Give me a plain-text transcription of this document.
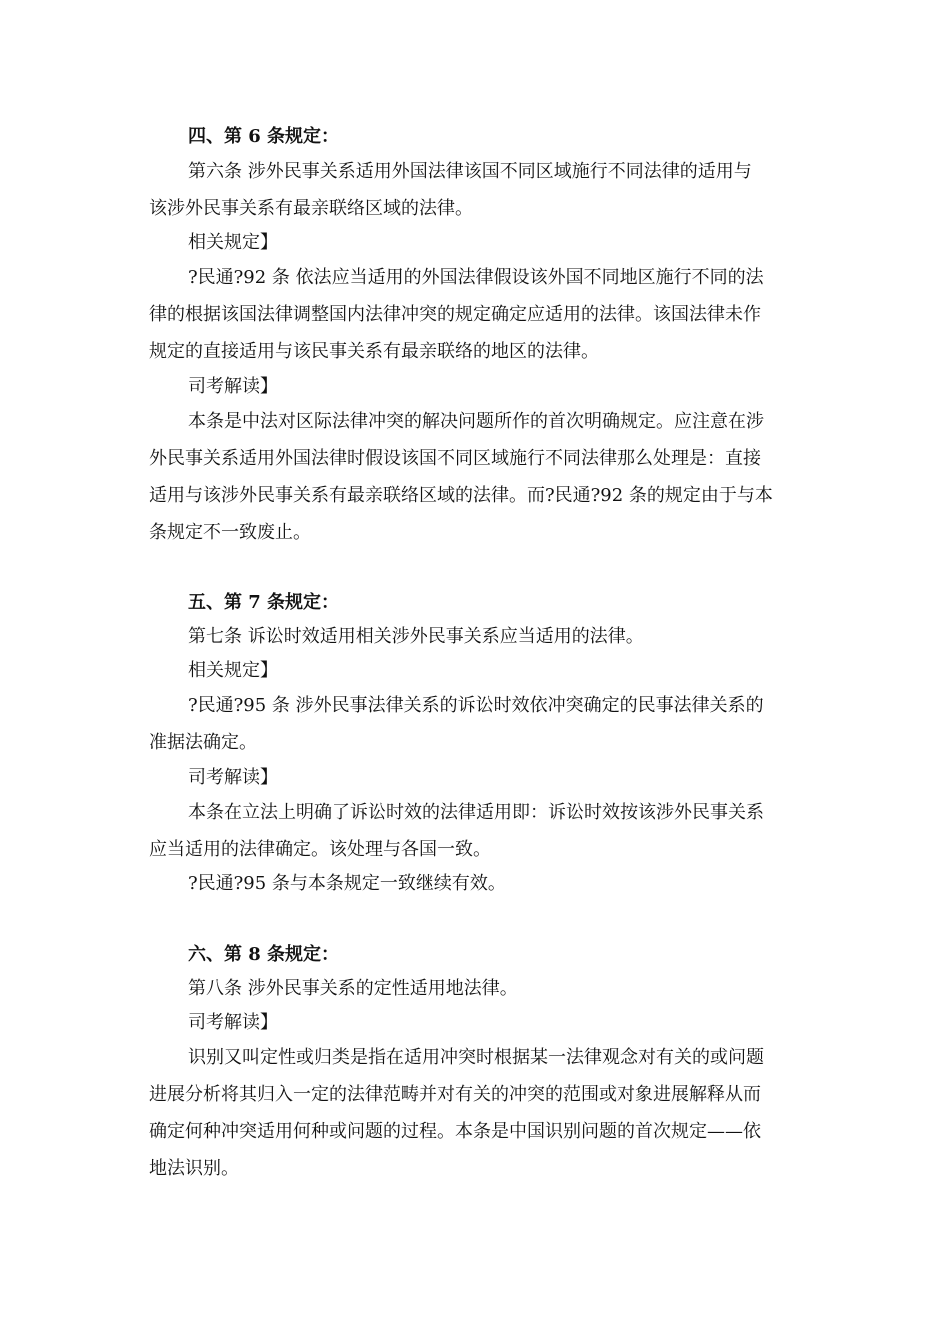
四、第 6 条规定：
第六条 涉外民事关系适用外国法律该国不同区域施行不同法律的适用与
该涉外民事关系有最亲联络区域的法律。
相关规定】
?民通?92 条 依法应当适用的外国法律假设该外国不同地区施行不同的法
律的根据该国法律调整国内法律冲突的规定确定应适用的法律。该国法律未作
规定的直接适用与该民事关系有最亲联络的地区的法律。
司考解读】
本条是中法对区际法律冲突的解决问题所作的首次明确规定。应注意在涉
外民事关系适用外国法律时假设该国不同区域施行不同法律那么处理是：直接
适用与该涉外民事关系有最亲联络区域的法律。而?民通?92 条的规定由于与本
条规定不一致废止。
五、第 7 条规定：
第七条 诉讼时效适用相关涉外民事关系应当适用的法律。
相关规定】
?民通?95 条 涉外民事法律关系的诉讼时效依冲突确定的民事法律关系的
准据法确定。
司考解读】
本条在立法上明确了诉讼时效的法律适用即：诉讼时效按该涉外民事关系
应当适用的法律确定。该处理与各国一致。
?民通?95 条与本条规定一致继续有效。
六、第 8 条规定：
第八条 涉外民事关系的定性适用地法律。
司考解读】
识别又叫定性或归类是指在适用冲突时根据某一法律观念对有关的或问题
进展分析将其归入一定的法律范畴并对有关的冲突的范围或对象进展解释从而
确定何种冲突适用何种或问题的过程。本条是中国识别问题的首次规定——依
地法识别。
